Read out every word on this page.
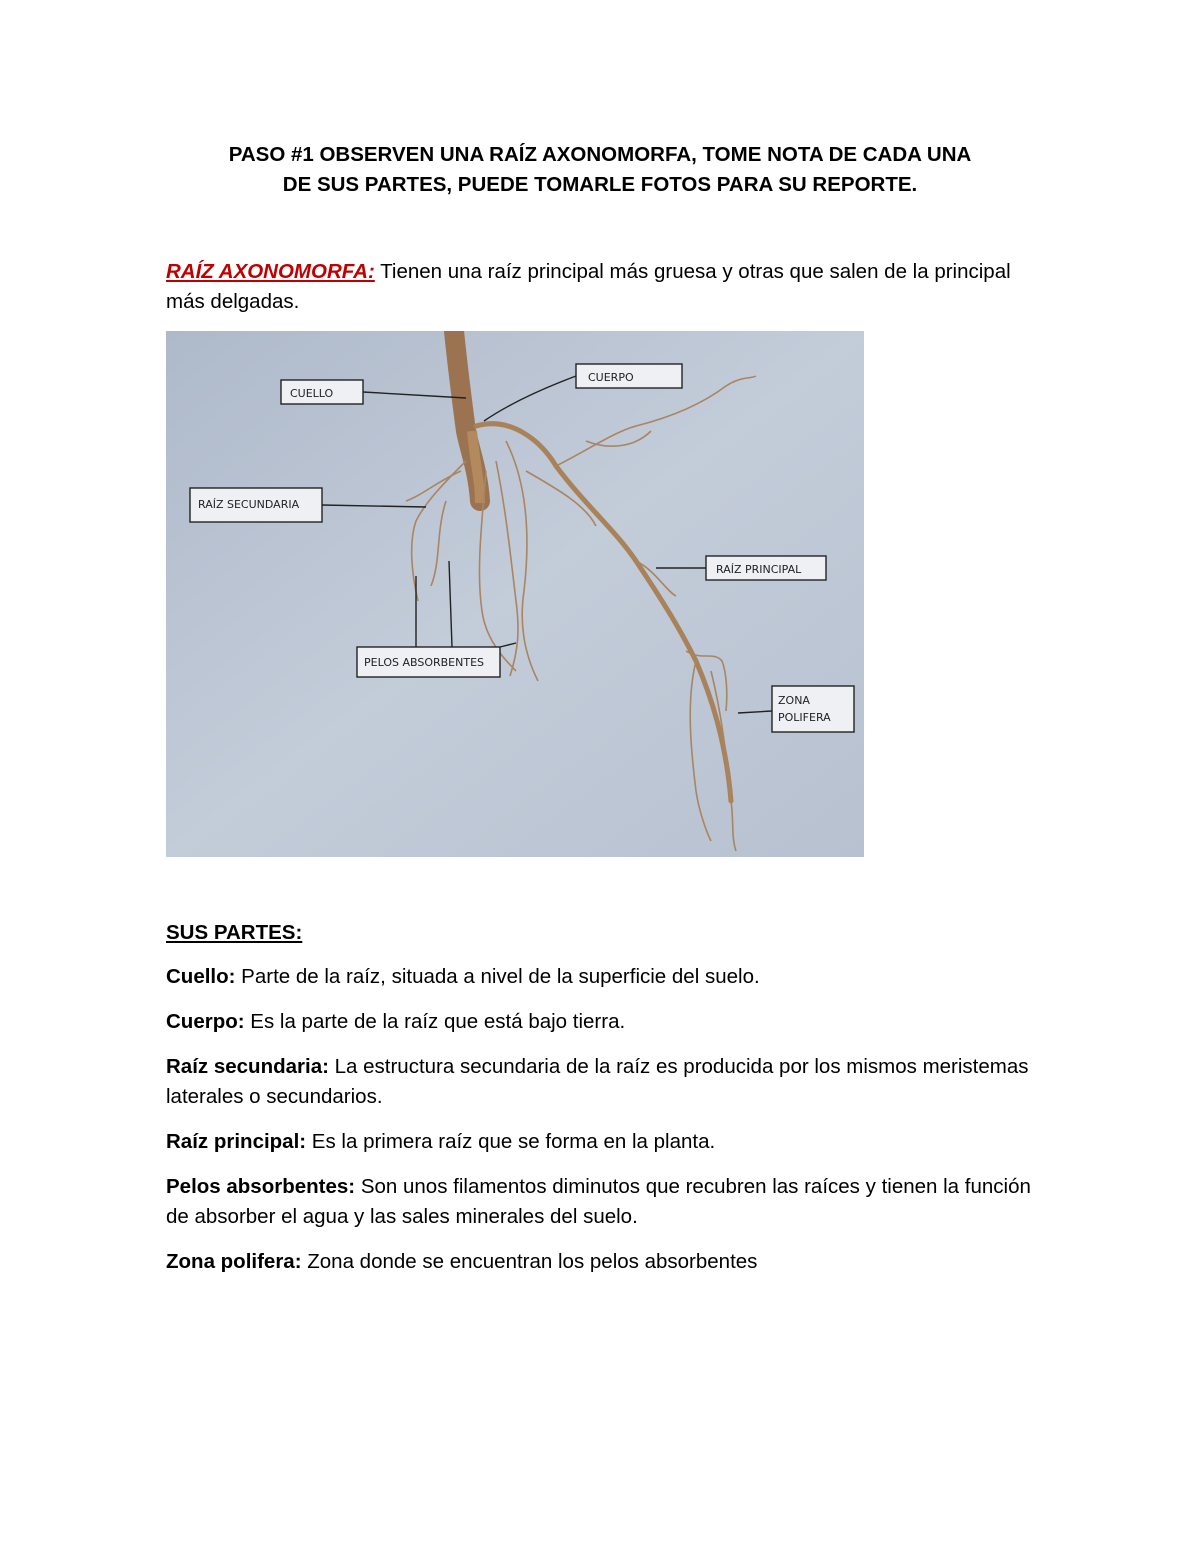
PASO #1 OBSERVEN UNA RAÍZ AXONOMORFA, TOME NOTA DE CADA UNA
DE SUS PARTES, PUEDE TOMARLE FOTOS PARA SU REPORTE.
RAÍZ AXONOMORFA: Tienen una raíz principal más gruesa y otras que salen de la principal más delgadas.
CUELLO
CUERPO
RAÍZ SECUNDARIA
RAÍZ PRINCIPAL
PELOS ABSORBENTES
ZONA
POLIFERA
SUS PARTES:
Cuello: Parte de la raíz, situada a nivel de la superficie del suelo.
Cuerpo: Es la parte de la raíz que está bajo tierra.
Raíz secundaria: La estructura secundaria de la raíz es producida por los mismos meristemas laterales o secundarios.
Raíz principal: Es la primera raíz que se forma en la planta.
Pelos absorbentes: Son unos filamentos diminutos que recubren las raíces y tienen la función de absorber el agua y las sales minerales del suelo.
Zona polifera: Zona donde se encuentran los pelos absorbentes
